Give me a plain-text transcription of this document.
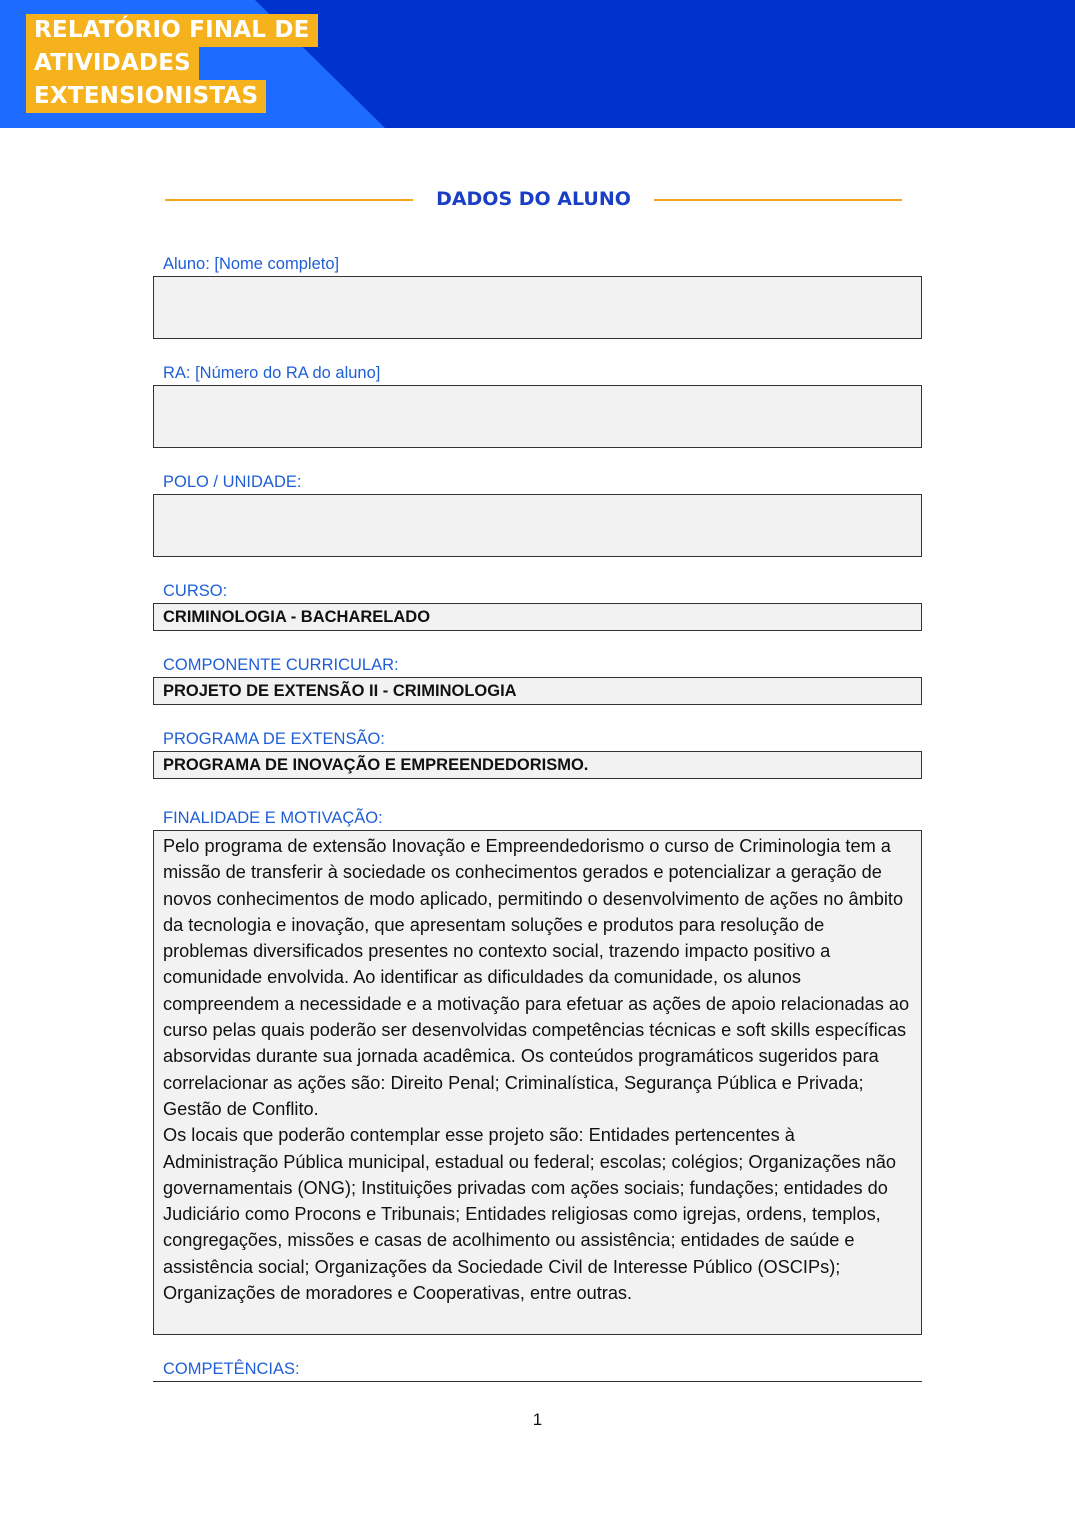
RELATÓRIO FINAL DE
ATIVIDADES
EXTENSIONISTAS
DADOS DO ALUNO
Aluno: [Nome completo]
RA: [Número do RA do aluno]
POLO / UNIDADE:
CURSO:
CRIMINOLOGIA - BACHARELADO
COMPONENTE CURRICULAR:
PROJETO DE EXTENSÃO II - CRIMINOLOGIA
PROGRAMA DE EXTENSÃO:
PROGRAMA DE INOVAÇÃO E EMPREENDEDORISMO.
FINALIDADE E MOTIVAÇÃO:

Pelo programa de extensão Inovação e Empreendedorismo o curso de Criminologia tem a missão de transferir à sociedade os conhecimentos gerados e potencializar a geração de novos conhecimentos de modo aplicado, permitindo o desenvolvimento de ações no âmbito da tecnologia e inovação, que apresentam soluções e produtos para resolução de problemas diversificados presentes no contexto social, trazendo impacto positivo a comunidade envolvida. Ao identificar as dificuldades da comunidade, os alunos compreendem a necessidade e a motivação para efetuar as ações de apoio relacionadas ao curso pelas quais poderão ser desenvolvidas competências técnicas e soft skills específicas absorvidas durante sua jornada acadêmica. Os conteúdos programáticos sugeridos para correlacionar as ações são: Direito Penal; Criminalística, Segurança Pública e Privada; Gestão de Conflito.

Os locais que poderão contemplar esse projeto são: Entidades pertencentes à Administração Pública municipal, estadual ou federal; escolas; colégios; Organizações não governamentais (ONG); Instituições privadas com ações sociais; fundações; entidades do Judiciário como Procons e Tribunais; Entidades religiosas como igrejas, ordens, templos, congregações, missões e casas de acolhimento ou assistência; entidades de saúde e assistência social; Organizações da Sociedade Civil de Interesse Público (OSCIPs); Organizações de moradores e Cooperativas, entre outras.

COMPETÊNCIAS:
1
